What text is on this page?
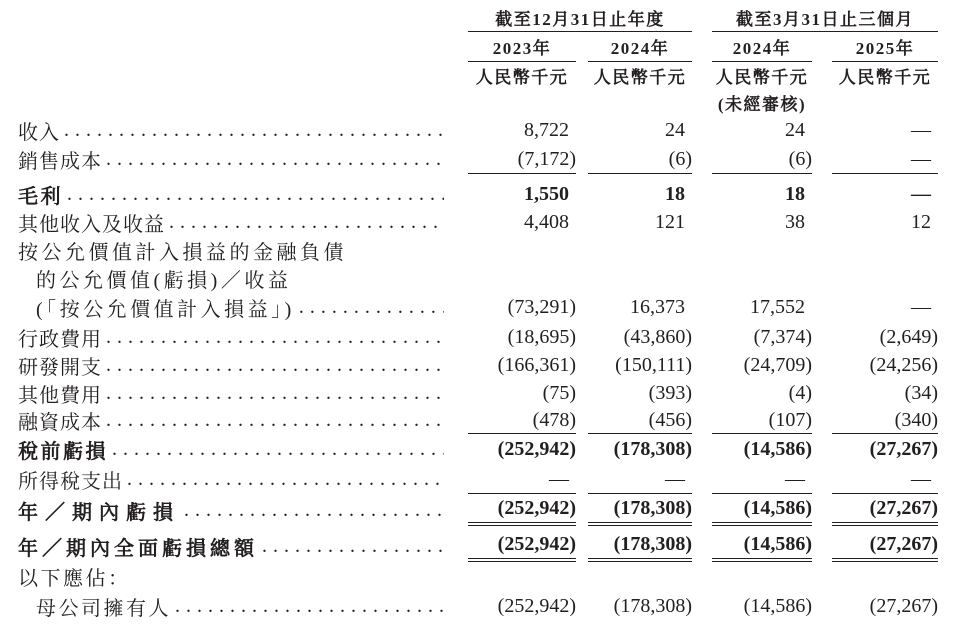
截至12月31日止年度	截至3月31日止三個月
2023年	2024年	2024年	2025年
人民幣千元	人民幣千元	人民幣千元	人民幣千元
(未經審核)
收入 .....	8,722	24	24	—
銷售成本 .....	(7,172)	(6)	(6)	—
毛利 .....	1,550	18	18	—
其他收入及收益 .....	4,408	121	38	12
按公允價值計入損益的金融負債
的公允價值(虧損)／收益
(「按公允價值計入損益」) .....	(73,291)	16,373	17,552	—
行政費用 .....	(18,695)	(43,860)	(7,374)	(2,649)
研發開支 .....	(166,361)	(150,111)	(24,709)	(24,256)
其他費用 .....	(75)	(393)	(4)	(34)
融資成本 .....	(478)	(456)	(107)	(340)
稅前虧損 .....	(252,942)	(178,308)	(14,586)	(27,267)
所得稅支出 .....	—	—	—	—
年／期內虧損 .....	(252,942)	(178,308)	(14,586)	(27,267)
年／期內全面虧損總額 .....	(252,942)	(178,308)	(14,586)	(27,267)
以下應佔：
母公司擁有人 .....	(252,942)	(178,308)	(14,586)	(27,267)
